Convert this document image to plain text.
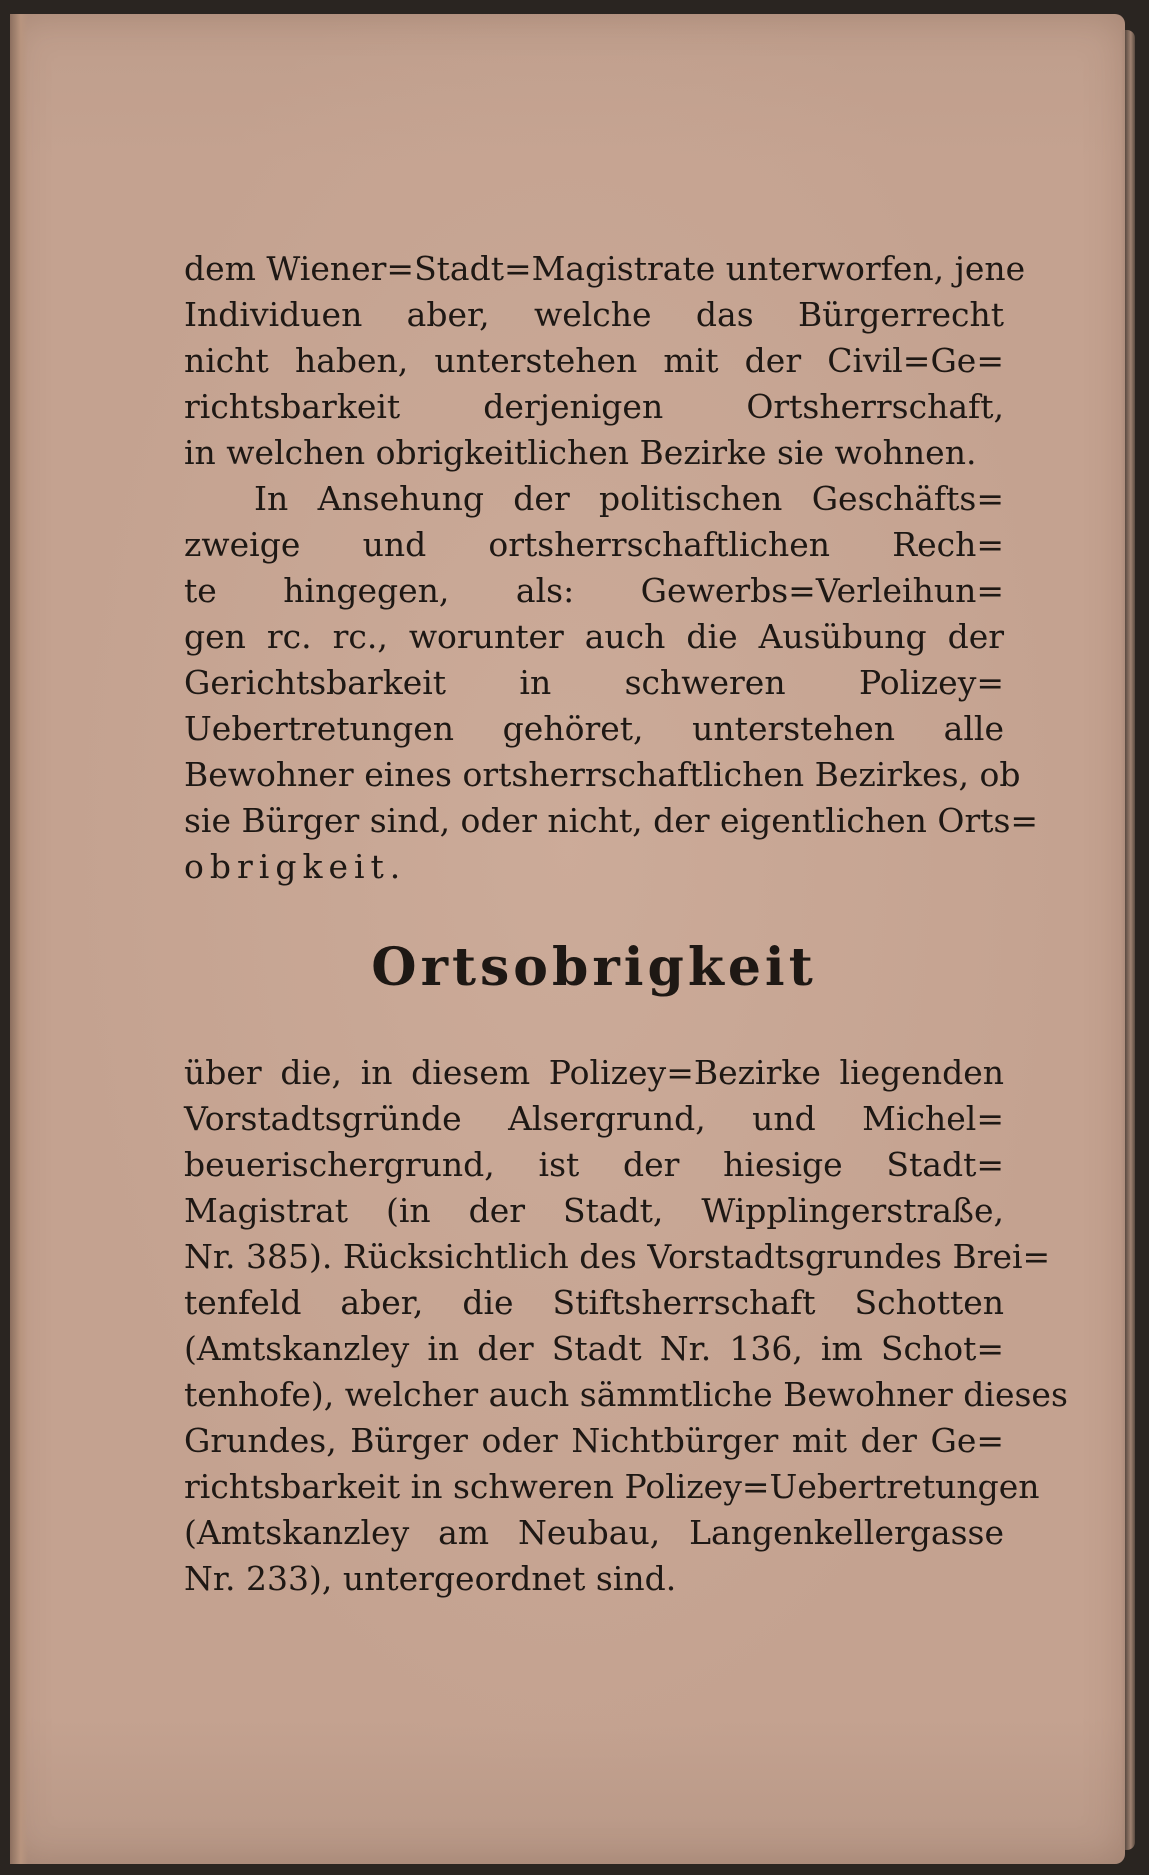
dem Wiener=Stadt=Magistrate unterworfen, jene
Individuen aber, welche das Bürgerrecht
nicht haben, unterstehen mit der Civil=Ge=
richtsbarkeit derjenigen Ortsherrschaft,
in welchen obrigkeitlichen Bezirke sie wohnen.
In Ansehung der politischen Geschäfts=
zweige und ortsherrschaftlichen Rech=
te hingegen, als: Gewerbs=Verleihun=
gen rc. rc., worunter auch die Ausübung der
Gerichtsbarkeit in schweren Polizey=
Uebertretungen gehöret, unterstehen alle
Bewohner eines ortsherrschaftlichen Bezirkes, ob
sie Bürger sind, oder nicht, der eigentlichen Orts=
obrigkeit.
Ortsobrigkeit
über die, in diesem Polizey=Bezirke liegenden
Vorstadtsgründe Alsergrund, und Michel=
beuerischergrund, ist der hiesige Stadt=
Magistrat (in der Stadt, Wipplingerstraße,
Nr. 385). Rücksichtlich des Vorstadtsgrundes Brei=
tenfeld aber, die Stiftsherrschaft Schotten
(Amtskanzley in der Stadt Nr. 136, im Schot=
tenhofe), welcher auch sämmtliche Bewohner dieses
Grundes, Bürger oder Nichtbürger mit der Ge=
richtsbarkeit in schweren Polizey=Uebertretungen
(Amtskanzley am Neubau, Langenkellergasse
Nr. 233), untergeordnet sind.
